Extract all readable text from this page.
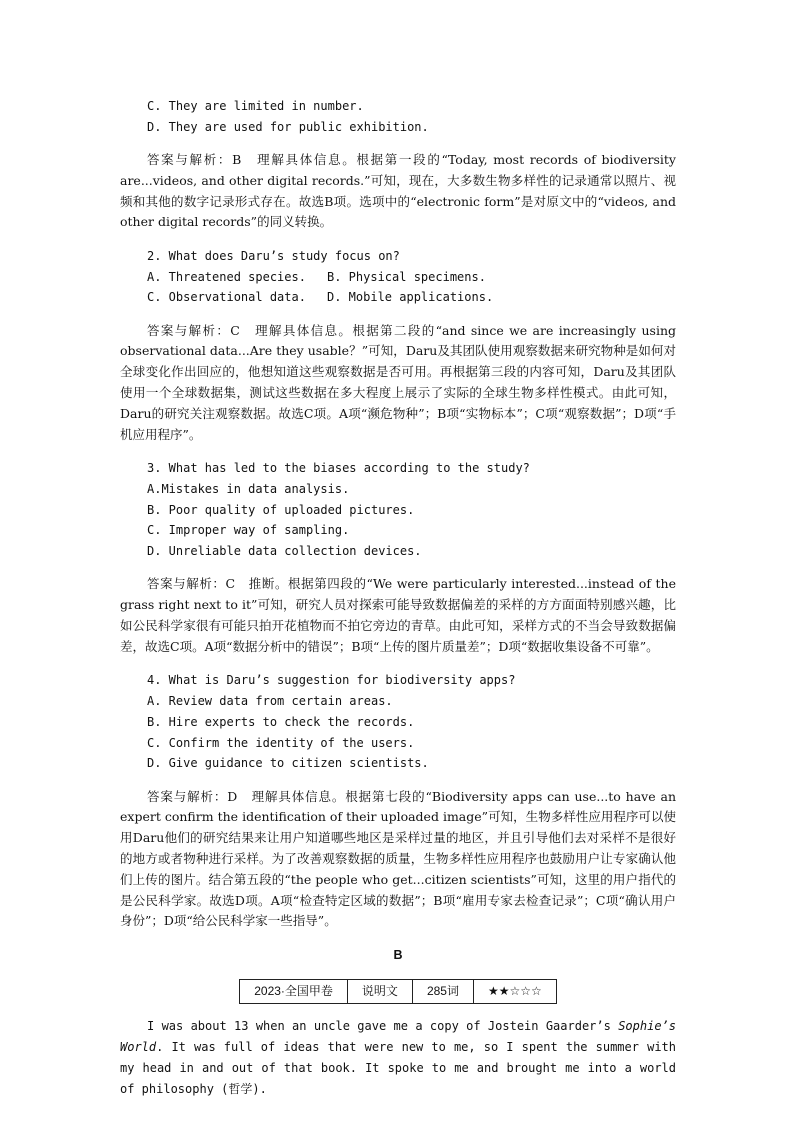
C. They are limited in number.

D. They are used for public exhibition.

答案与解析：B　理解具体信息。根据第一段的“Today, most records of biodiversity are...videos, and other digital records.”可知，现在，大多数生物多样性的记录通常以照片、视频和其他的数字记录形式存在。故选B项。选项中的“electronic form”是对原文中的“videos, and other digital records”的同义转换。

2. What does Daru’s study focus on?

A. Threatened species.	B. Physical specimens.
C. Observational data.	D. Mobile applications.

答案与解析：C　理解具体信息。根据第二段的“and since we are increasingly using observational data...Are they usable？”可知，Daru及其团队使用观察数据来研究物种是如何对全球变化作出回应的，他想知道这些观察数据是否可用。再根据第三段的内容可知，Daru及其团队使用一个全球数据集，测试这些数据在多大程度上展示了实际的全球生物多样性模式。由此可知，Daru的研究关注观察数据。故选C项。A项“濒危物种”；B项“实物标本”；C项“观察数据”；D项“手机应用程序”。

3. What has led to the biases according to the study?

A.Mistakes in data analysis.

B. Poor quality of uploaded pictures.

C. Improper way of sampling.

D. Unreliable data collection devices.

答案与解析：C　推断。根据第四段的“We were particularly interested...instead of the grass right next to it”可知，研究人员对探索可能导致数据偏差的采样的方方面面特别感兴趣，比如公民科学家很有可能只拍开花植物而不拍它旁边的青草。由此可知，采样方式的不当会导致数据偏差，故选C项。A项“数据分析中的错误”；B项“上传的图片质量差”；D项“数据收集设备不可靠”。

4. What is Daru’s suggestion for biodiversity apps?

A. Review data from certain areas.

B. Hire experts to check the records.

C. Confirm the identity of the users.

D. Give guidance to citizen scientists.

答案与解析：D　理解具体信息。根据第七段的“Biodiversity apps can use...to have an expert confirm the identification of their uploaded image”可知，生物多样性应用程序可以使用Daru他们的研究结果来让用户知道哪些地区是采样过量的地区，并且引导他们去对采样不是很好的地方或者物种进行采样。为了改善观察数据的质量，生物多样性应用程序也鼓励用户让专家确认他们上传的图片。结合第五段的“the people who get...citizen scientists”可知，这里的用户指代的是公民科学家。故选D项。A项“检查特定区域的数据”；B项“雇用专家去检查记录”；C项“确认用户身份”；D项“给公民科学家一些指导”。

B

2023·全国甲卷	说明文	285词	★★☆☆☆

I was about 13 when an uncle gave me a copy of Jostein Gaarder’s Sophie’s World. It was full of ideas that were new to me, so I spent the summer with my head in and out of that book. It spoke to me and brought me into a world of philosophy (哲学).
